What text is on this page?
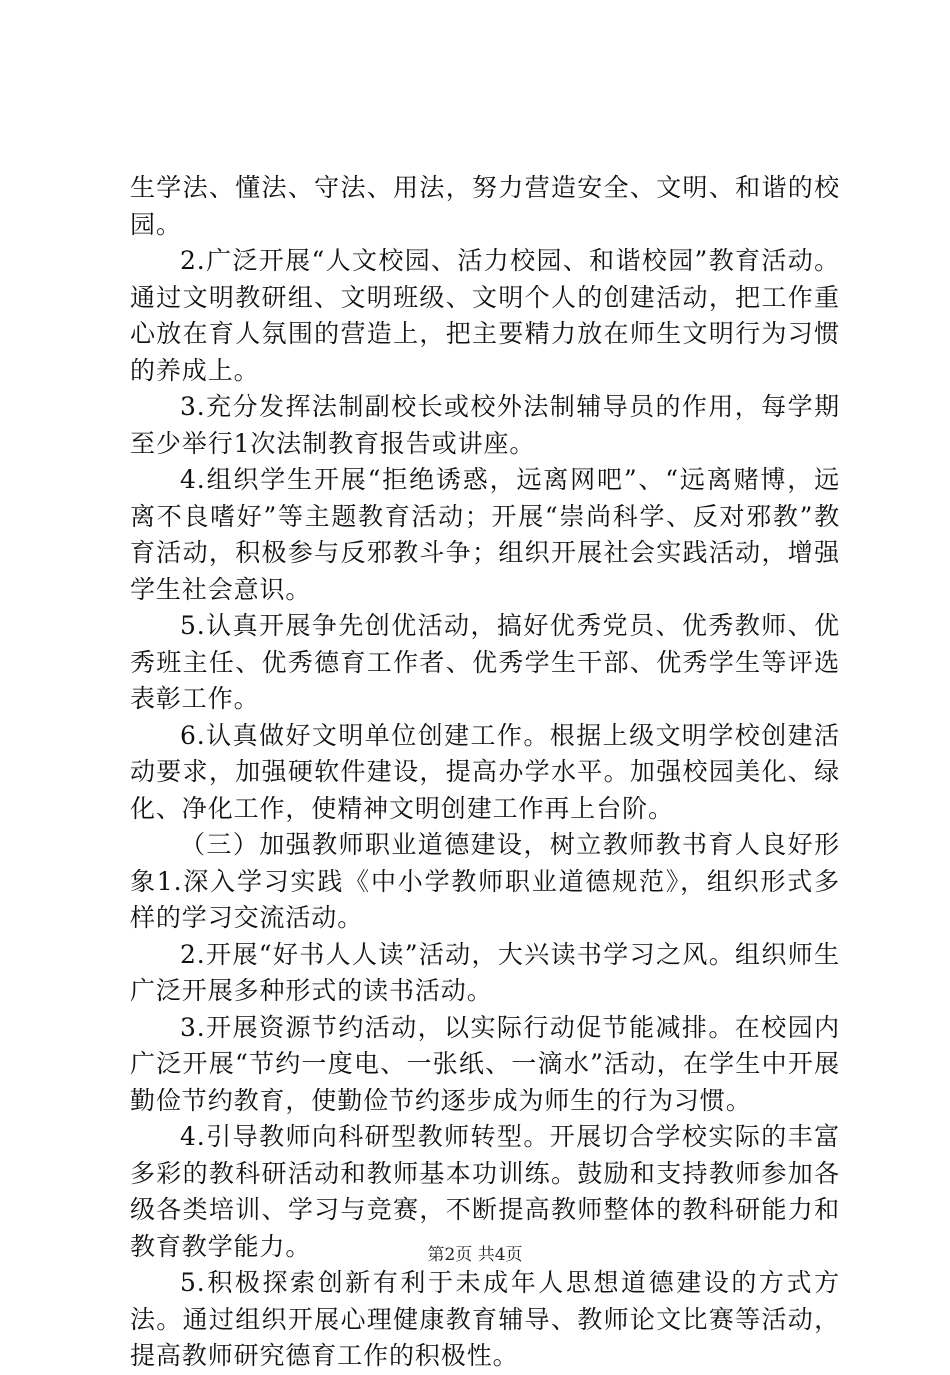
生学法、懂法、守法、用法，努力营造安全、文明、和谐的校园。

2.广泛开展“人文校园、活力校园、和谐校园”教育活动。通过文明教研组、文明班级、文明个人的创建活动，把工作重心放在育人氛围的营造上，把主要精力放在师生文明行为习惯的养成上。

3.充分发挥法制副校长或校外法制辅导员的作用，每学期至少举行1次法制教育报告或讲座。

4.组织学生开展“拒绝诱惑，远离网吧”、“远离赌博，远离不良嗜好”等主题教育活动；开展“崇尚科学、反对邪教”教育活动，积极参与反邪教斗争；组织开展社会实践活动，增强学生社会意识。

5.认真开展争先创优活动，搞好优秀党员、优秀教师、优秀班主任、优秀德育工作者、优秀学生干部、优秀学生等评选表彰工作。

6.认真做好文明单位创建工作。根据上级文明学校创建活动要求，加强硬软件建设，提高办学水平。加强校园美化、绿化、净化工作，使精神文明创建工作再上台阶。

（三）加强教师职业道德建设，树立教师教书育人良好形象1.深入学习实践《中小学教师职业道德规范》，组织形式多样的学习交流活动。

2.开展“好书人人读”活动，大兴读书学习之风。组织师生广泛开展多种形式的读书活动。

3.开展资源节约活动，以实际行动促节能减排。在校园内广泛开展“节约一度电、一张纸、一滴水”活动，在学生中开展勤俭节约教育，使勤俭节约逐步成为师生的行为习惯。

4.引导教师向科研型教师转型。开展切合学校实际的丰富多彩的教科研活动和教师基本功训练。鼓励和支持教师参加各级各类培训、学习与竞赛，不断提高教师整体的教科研能力和教育教学能力。

5.积极探索创新有利于未成年人思想道德建设的方式方法。通过组织开展心理健康教育辅导、教师论文比赛等活动，提高教师研究德育工作的积极性。

第2页 共4页
